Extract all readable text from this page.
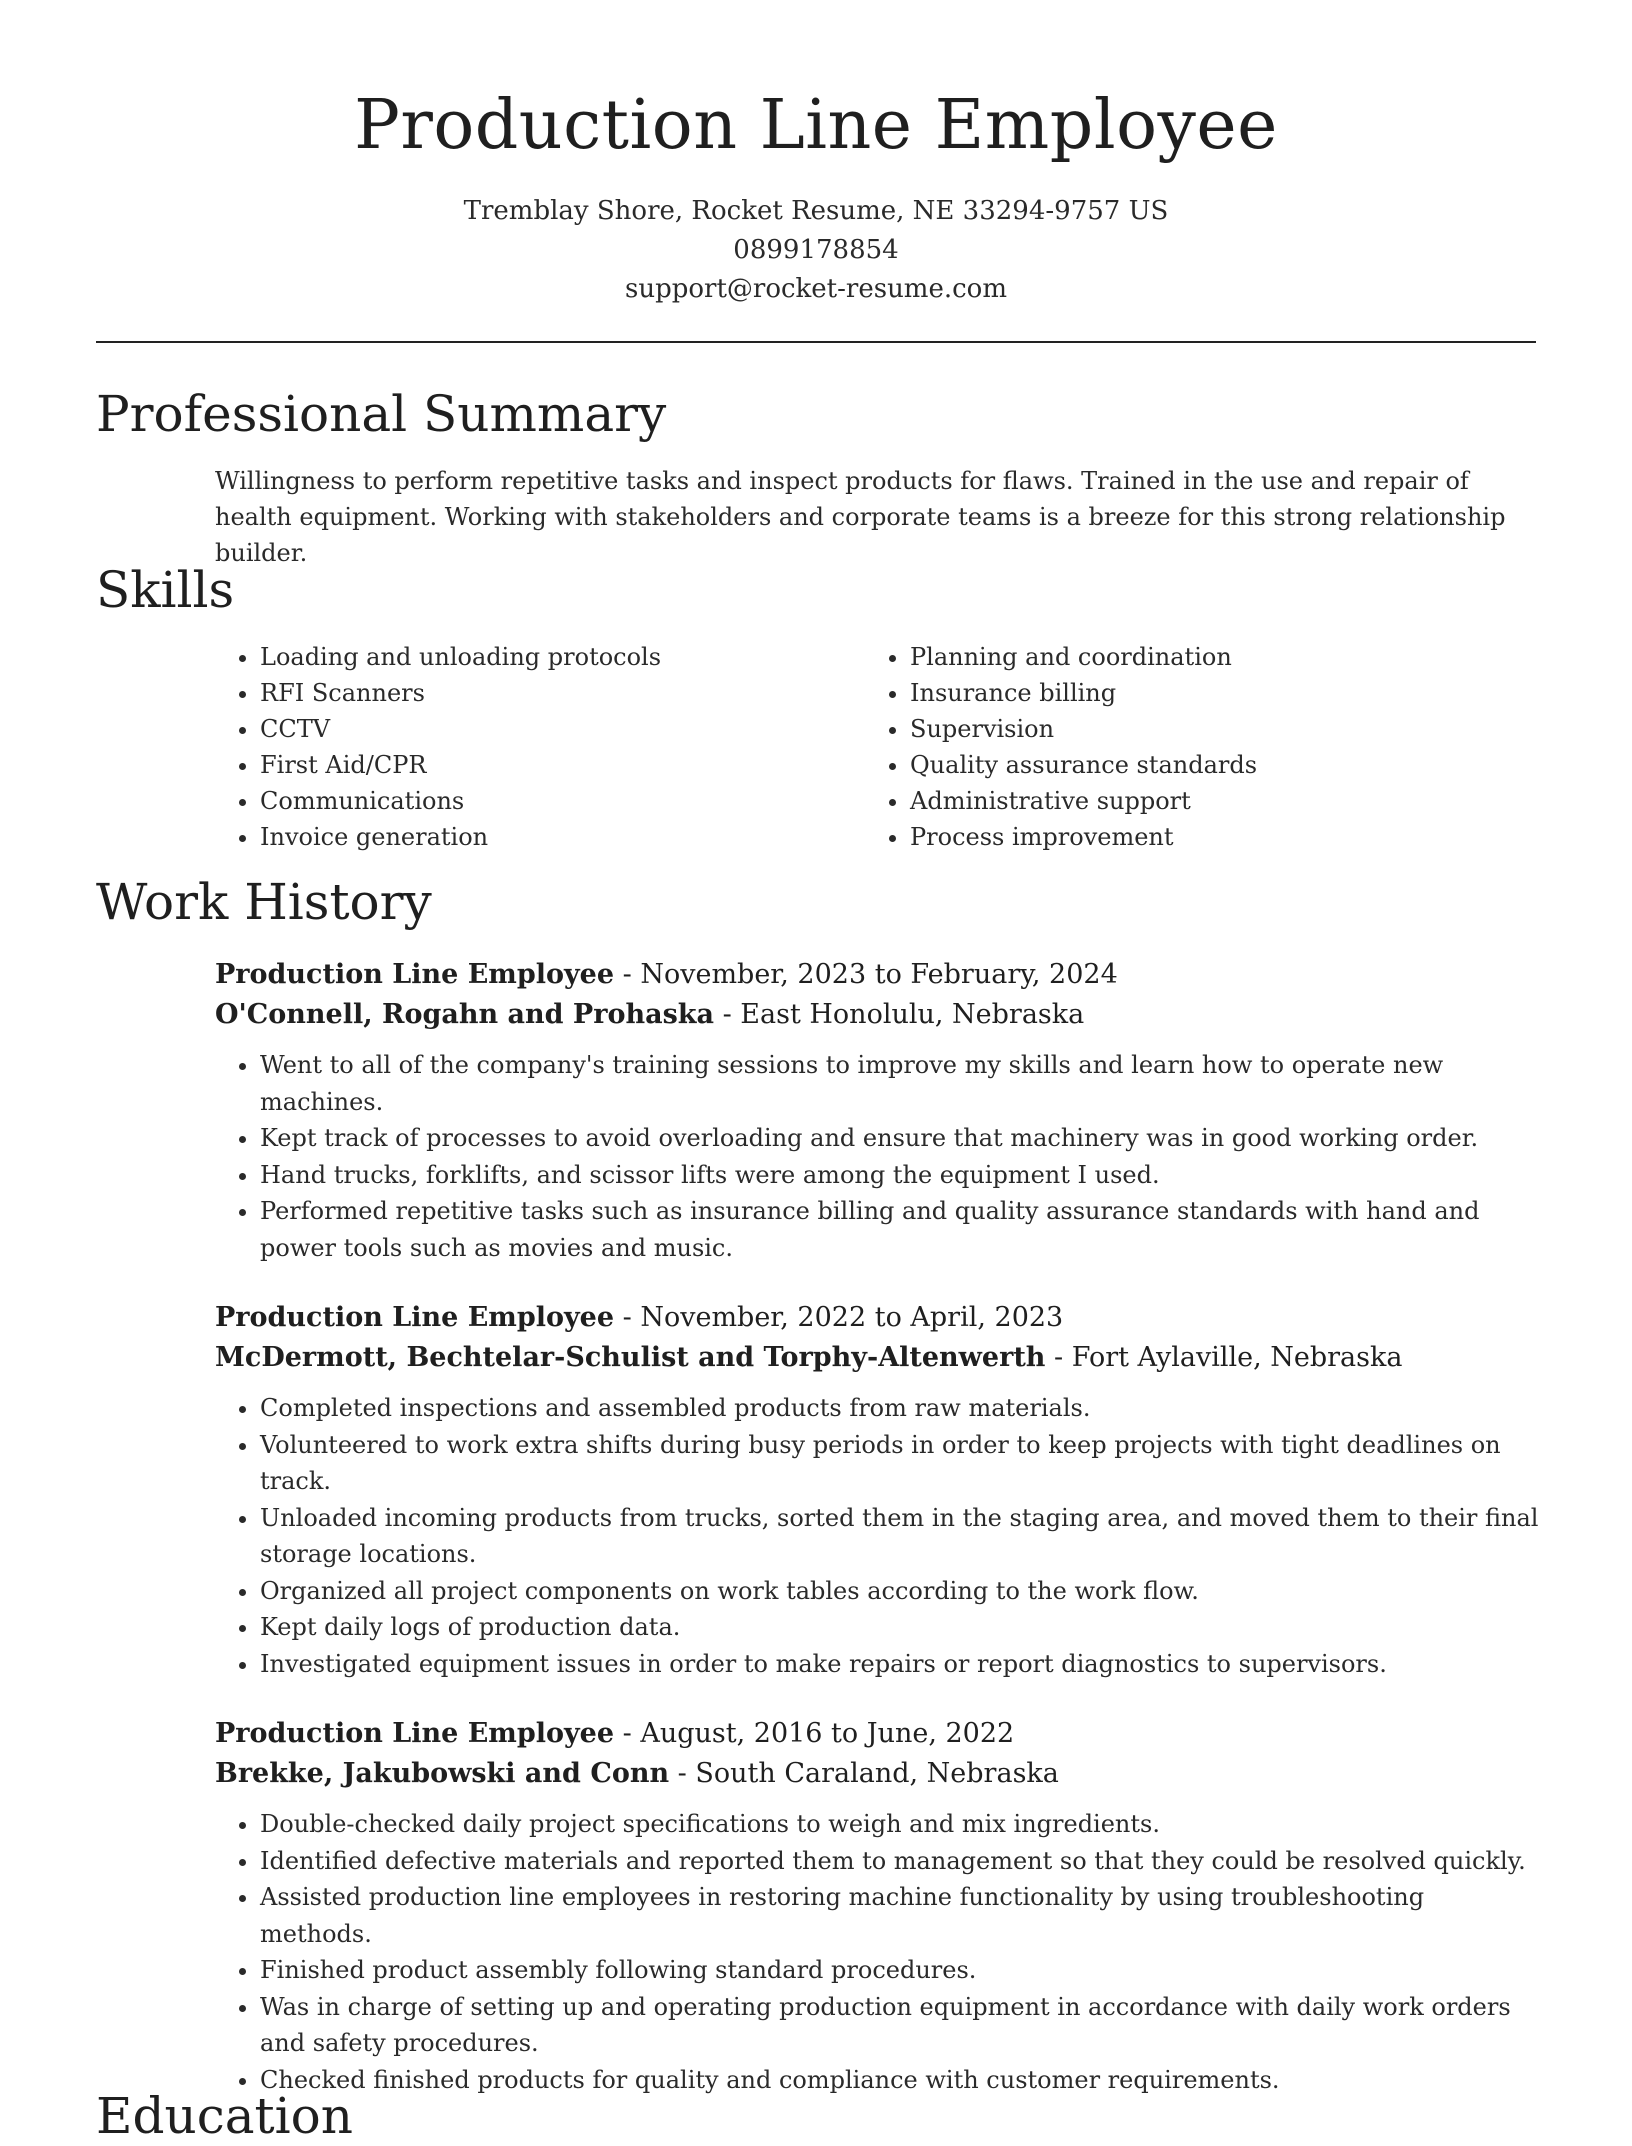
Production Line Employee
Tremblay Shore, Rocket Resume, NE 33294-9757 US
0899178854
support@rocket-resume.com
Professional Summary

Willingness to perform repetitive tasks and inspect products for flaws. Trained in the use and repair of health equipment. Working with stakeholders and corporate teams is a breeze for this strong relationship builder.

Skills
• Loading and unloading protocols
• RFI Scanners
• CCTV
• First Aid/CPR
• Communications
• Invoice generation
• Planning and coordination
• Insurance billing
• Supervision
• Quality assurance standards
• Administrative support
• Process improvement
Work History
Production Line Employee - November, 2023 to February, 2024
O'Connell, Rogahn and Prohaska - East Honolulu, Nebraska
• Went to all of the company's training sessions to improve my skills and learn how to operate new machines.
• Kept track of processes to avoid overloading and ensure that machinery was in good working order.
• Hand trucks, forklifts, and scissor lifts were among the equipment I used.
• Performed repetitive tasks such as insurance billing and quality assurance standards with hand and power tools such as movies and music.
Production Line Employee - November, 2022 to April, 2023
McDermott, Bechtelar-Schulist and Torphy-Altenwerth - Fort Aylaville, Nebraska
• Completed inspections and assembled products from raw materials.
• Volunteered to work extra shifts during busy periods in order to keep projects with tight deadlines on track.
• Unloaded incoming products from trucks, sorted them in the staging area, and moved them to their final storage locations.
• Organized all project components on work tables according to the work flow.
• Kept daily logs of production data.
• Investigated equipment issues in order to make repairs or report diagnostics to supervisors.
Production Line Employee - August, 2016 to June, 2022
Brekke, Jakubowski and Conn - South Caraland, Nebraska
• Double-checked daily project specifications to weigh and mix ingredients.
• Identified defective materials and reported them to management so that they could be resolved quickly.
• Assisted production line employees in restoring machine functionality by using troubleshooting methods.
• Finished product assembly following standard procedures.
• Was in charge of setting up and operating production equipment in accordance with daily work orders and safety procedures.
• Checked finished products for quality and compliance with customer requirements.
Education
